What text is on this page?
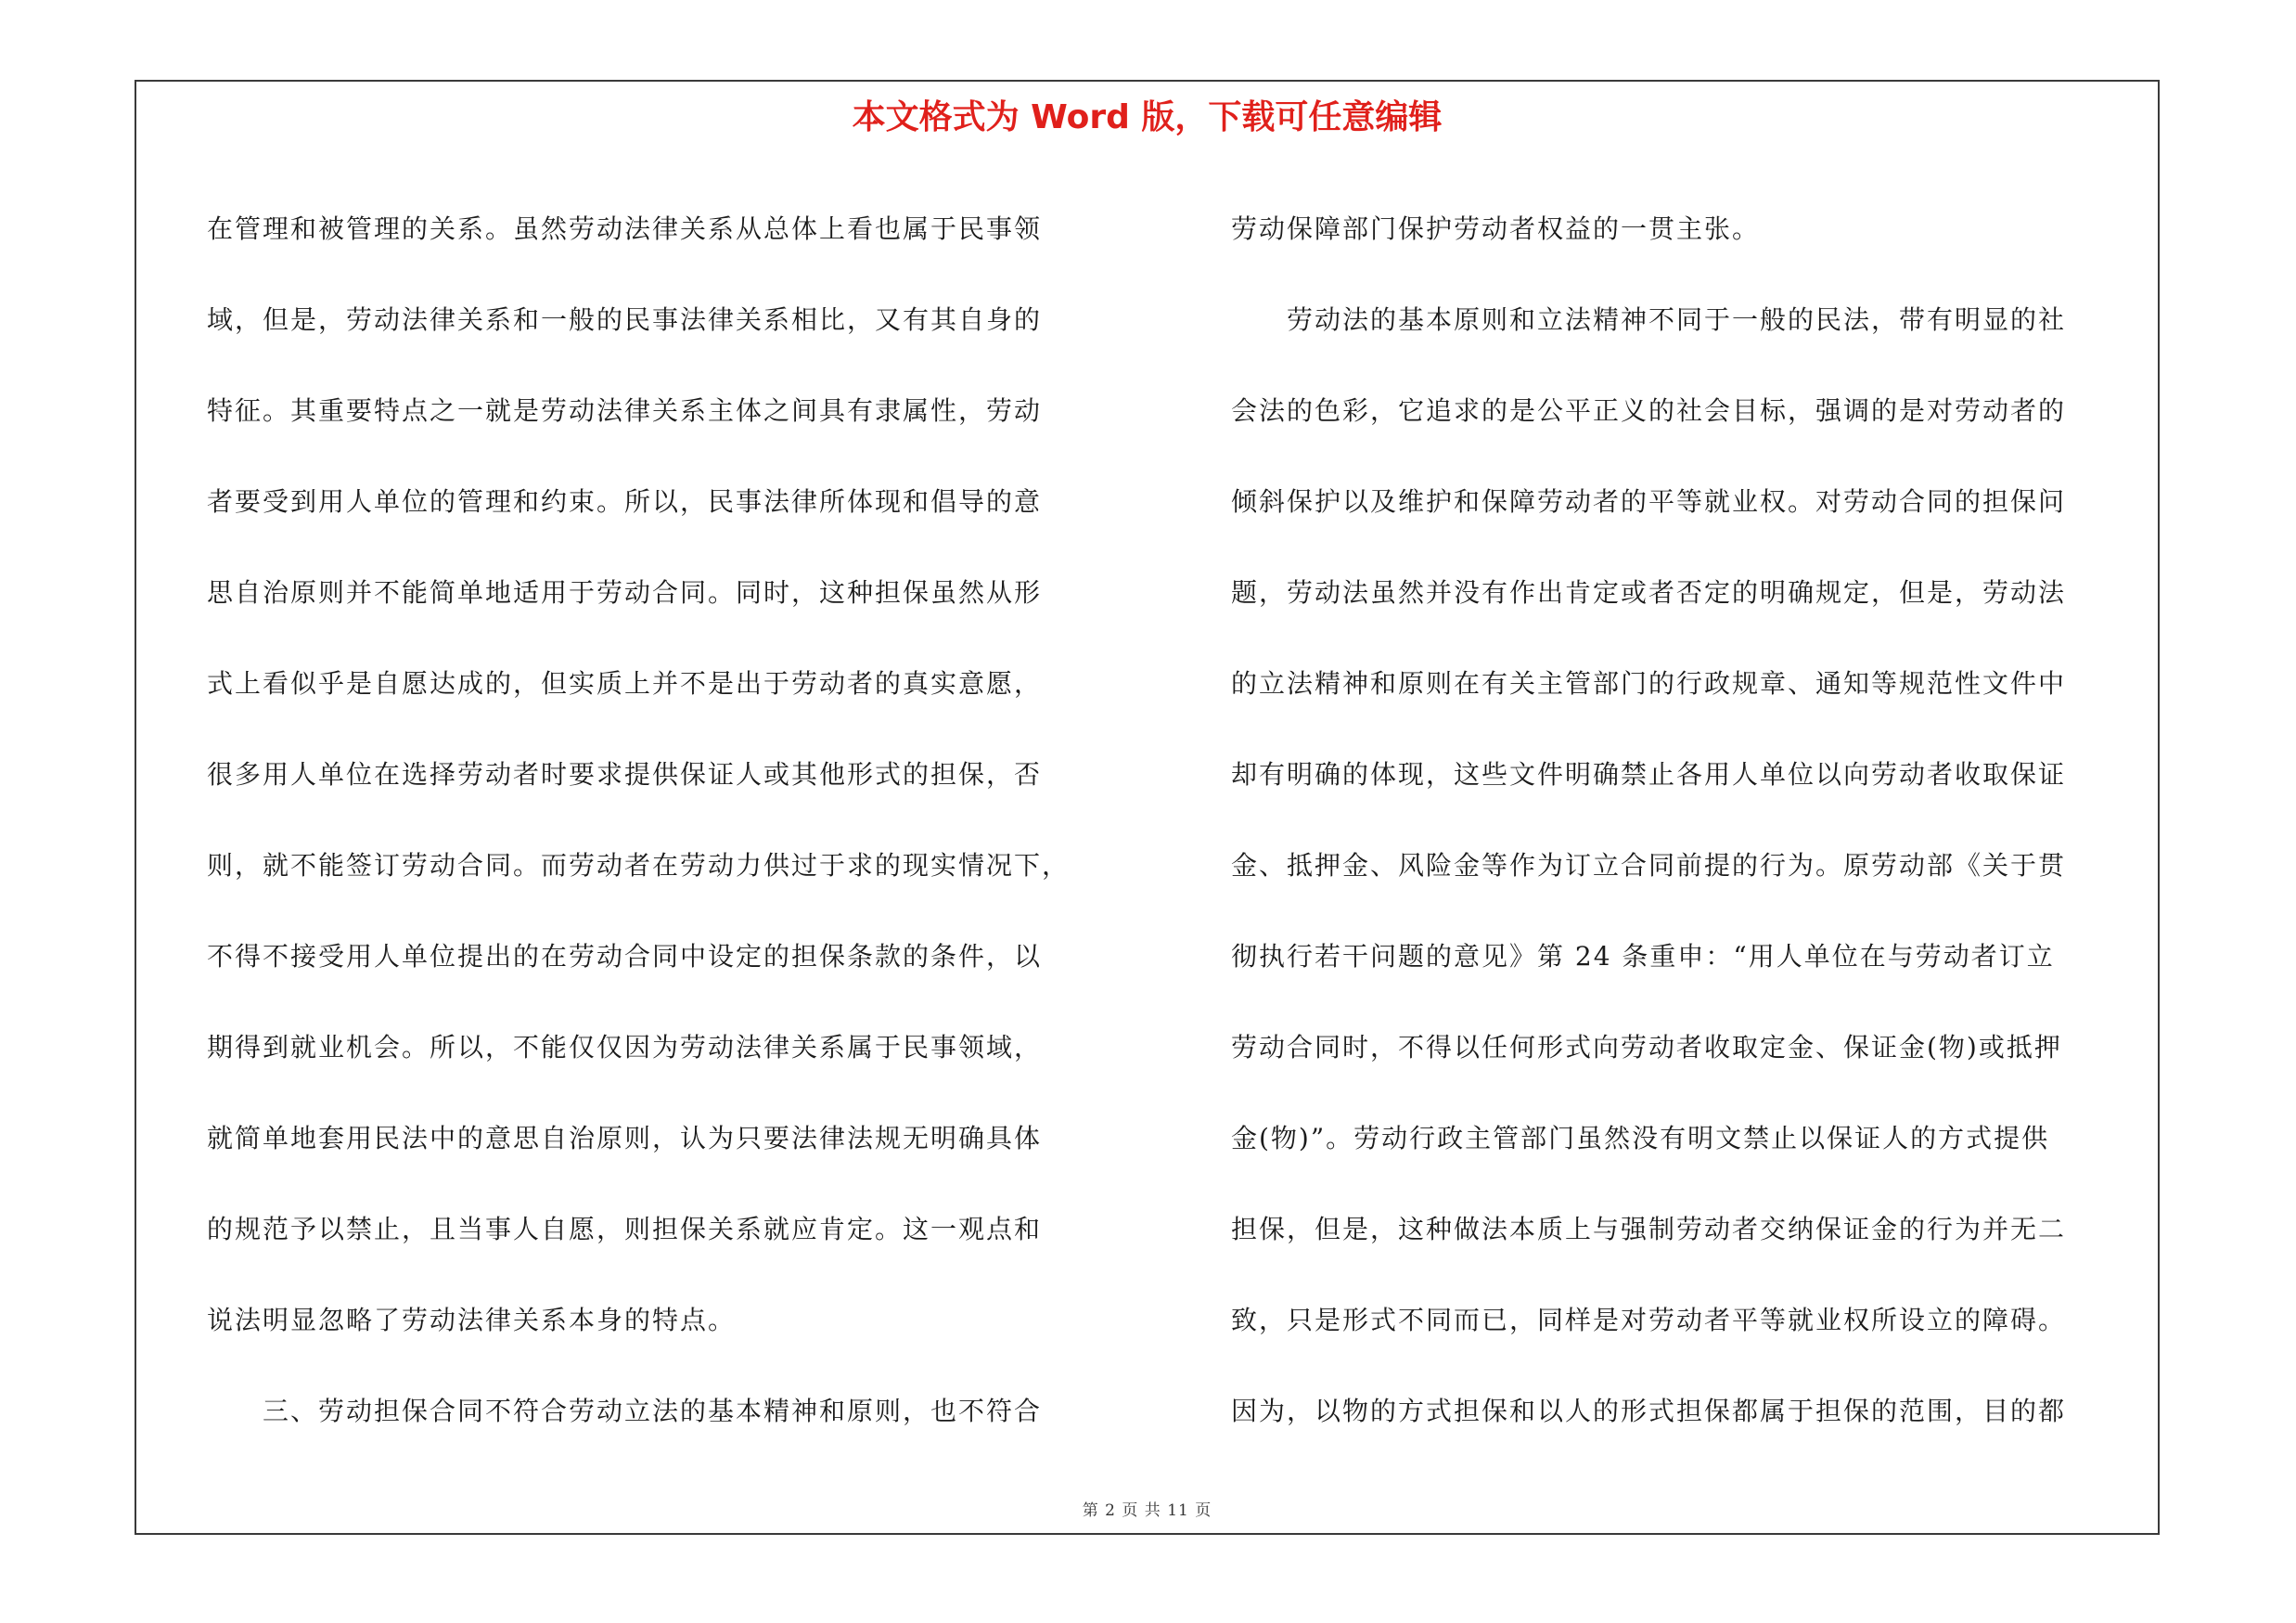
本文格式为 Word 版，下载可任意编辑

在管理和被管理的关系。虽然劳动法律关系从总体上看也属于民事领

域，但是，劳动法律关系和一般的民事法律关系相比，又有其自身的

特征。其重要特点之一就是劳动法律关系主体之间具有隶属性，劳动

者要受到用人单位的管理和约束。所以，民事法律所体现和倡导的意

思自治原则并不能简单地适用于劳动合同。同时，这种担保虽然从形

式上看似乎是自愿达成的，但实质上并不是出于劳动者的真实意愿，

很多用人单位在选择劳动者时要求提供保证人或其他形式的担保，否

则，就不能签订劳动合同。而劳动者在劳动力供过于求的现实情况下，

不得不接受用人单位提出的在劳动合同中设定的担保条款的条件，以

期得到就业机会。所以，不能仅仅因为劳动法律关系属于民事领域，

就简单地套用民法中的意思自治原则，认为只要法律法规无明确具体

的规范予以禁止，且当事人自愿，则担保关系就应肯定。这一观点和

说法明显忽略了劳动法律关系本身的特点。

　　三、劳动担保合同不符合劳动立法的基本精神和原则，也不符合

劳动保障部门保护劳动者权益的一贯主张。

　　劳动法的基本原则和立法精神不同于一般的民法，带有明显的社

会法的色彩，它追求的是公平正义的社会目标，强调的是对劳动者的

倾斜保护以及维护和保障劳动者的平等就业权。对劳动合同的担保问

题，劳动法虽然并没有作出肯定或者否定的明确规定，但是，劳动法

的立法精神和原则在有关主管部门的行政规章、通知等规范性文件中

却有明确的体现，这些文件明确禁止各用人单位以向劳动者收取保证

金、抵押金、风险金等作为订立合同前提的行为。原劳动部《关于贯

彻执行若干问题的意见》第 24 条重申：“用人单位在与劳动者订立

劳动合同时，不得以任何形式向劳动者收取定金、保证金(物)或抵押

金(物)”。劳动行政主管部门虽然没有明文禁止以保证人的方式提供

担保，但是，这种做法本质上与强制劳动者交纳保证金的行为并无二

致，只是形式不同而已，同样是对劳动者平等就业权所设立的障碍。

因为，以物的方式担保和以人的形式担保都属于担保的范围，目的都

第 2 页 共 11 页
